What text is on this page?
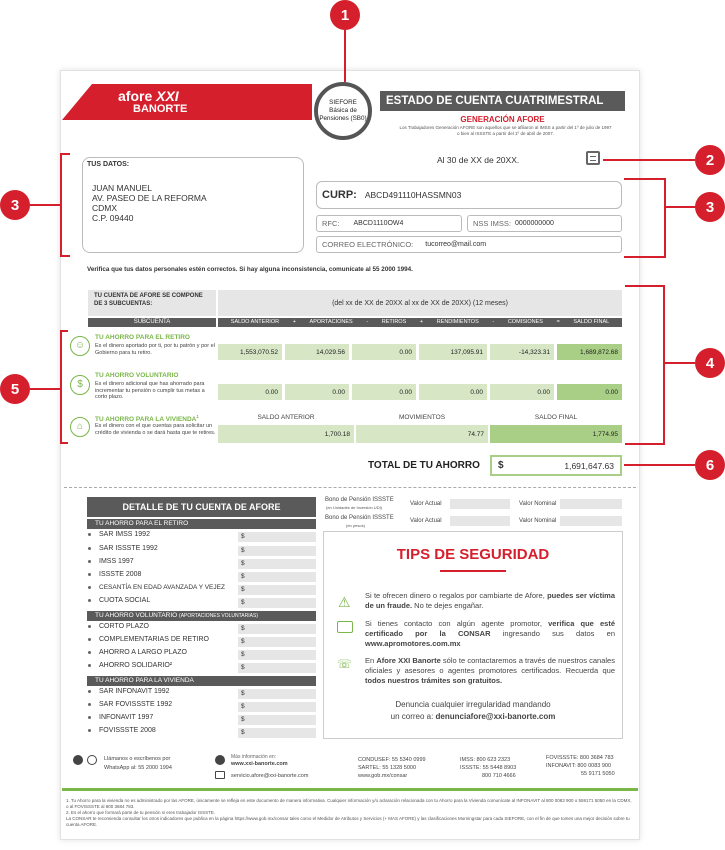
afore XXI
BANORTE
SIEFORE
Básica de
Pensiones (SB0)
ESTADO DE CUENTA CUATRIMESTRAL
GENERACIÓN AFORE
Los Trabajadores Generación AFORE son aquellos que se afiliaron al IMSS a partir del 1º de julio de 1997 o bien al ISSSTE a partir del 1º de abril de 2007.
1
TUS DATOS:
JUAN MANUEL
AV. PASEO DE LA REFORMA
CDMX
C.P. 09440
3
Al 30 de XX de 20XX.	2
CURP: ABCD491110HASSMN03
RFC: ABCD1110OW4	NSS IMSS: 0000000000
CORREO ELECTRÓNICO: tucorreo@mail.com
3
Verifica que tus datos personales estén correctos. Si hay alguna inconsistencia, comunícate al 55 2000 1994.
TU CUENTA DE AFORE SE COMPONE DE 3 SUBCUENTAS:	(del xx de XX de 20XX al xx de XX de 20XX) (12 meses)
SUBCUENTA	SALDO ANTERIOR + APORTACIONES - RETIROS + RENDIMIENTOS - COMISIONES = SALDO FINAL
☺
TU AHORRO PARA EL RETIRO
Es el dinero aportado por ti, por tu patrón y por el Gobierno para tu retiro.	1,553,070.52	14,029.56	0.00	137,095.91	-14,323.31	1,689,872.68
$
TU AHORRO VOLUNTARIO
Es el dinero adicional que has ahorrado para incrementar tu pensión o cumplir tus metas a corto plazo.
0.00	0.00	0.00	0.00	0.00	0.00
⌂
TU AHORRO PARA LA VIVIENDA$^1$
Es el dinero con el que cuentas para solicitar un crédito de vivienda o se dará hasta que te retires.
SALDO ANTERIOR	MOVIMIENTOS	SALDO FINAL
1,700.18	74.77	1,774.95
5
4
TOTAL DE TU AHORRO $	1,691,647.63	6
DETALLE DE TU CUENTA DE AFORE
TU AHORRO PARA EL RETIRO
SAR IMSS 1992	$
SAR ISSSTE 1992	$
IMSS 1997	$
ISSSTE 2008	$
CESANTÍA EN EDAD AVANZADA Y VEJEZ	$
CUOTA SOCIAL	$
TU AHORRO VOLUNTARIO (APORTACIONES VOLUNTARIAS)
CORTO PLAZO	$
COMPLEMENTARIAS DE RETIRO	$
AHORRO A LARGO PLAZO	$
AHORRO SOLIDARIO²	$
TU AHORRO PARA LA VIVIENDA
SAR INFONAVIT 1992	$
SAR FOVISSSTE 1992	$
INFONAVIT 1997	$
FOVISSSTE 2008	$
Bono de Pensión ISSSTE
(en Unidades de Inversión UDI)
Valor Actual	Valor Nominal
Bono de Pensión ISSSTE
(en pesos)
Valor Actual	Valor Nominal
TIPS DE SEGURIDAD
⚠ Si te ofrecen dinero o regalos por cambiarte de Afore, puedes ser víctima de un fraude. No te dejes engañar.
Si tienes contacto con algún agente promotor, verifica que esté certificado por la CONSAR ingresando sus datos en www.apromotores.com.mx
☏ En Afore XXI Banorte sólo te contactaremos a través de nuestros canales oficiales y asesores o agentes promotores certificados. Recuerda que todos nuestros trámites son gratuitos.
Denuncia cualquier irregularidad mandando
un correo a: denunciafore@xxi-banorte.com
Llámanos o escríbenos por
WhatsApp al: 55 2000 1994
Más información en:
www.xxi-banorte.com
servicio.afore@xxi-banorte.com
CONDUSEF: 55 5340 0999
SARTEL: 55 1328 5000
www.gob.mx/consar
IMSS: 800 623 2323
ISSSTE: 55 5448 8903
800 710 4666
FOVISSSTE: 800 3684 783
INFONAVIT: 800 0083 900
55 9171 5050
1. Tu Ahorro para la vivienda no es administrado por las AFORE, únicamente se refleja en este documento de manera informativa. Cualquier información y/o aclaración relacionada con tu Ahorro para la Vivienda comunícate al INFONAVIT al 800 0083 900 o 559171 5050 en la CDMX, o al FOVISSSTE al 800 3684 783.
2. Es el ahorro que formará parte de tu pensión si eres trabajador ISSSTE.
La CONSAR te recomienda consultar los otros indicadores que publica en la página https://www.gob.mx/consar tales como el Medidor de Atributos y Servicios (+ MAS AFORE) y las clasificaciones Morningstar para cada SIEFORE, con el fin de que tomes una mejor decisión sobre tu cuenta AFORE.
